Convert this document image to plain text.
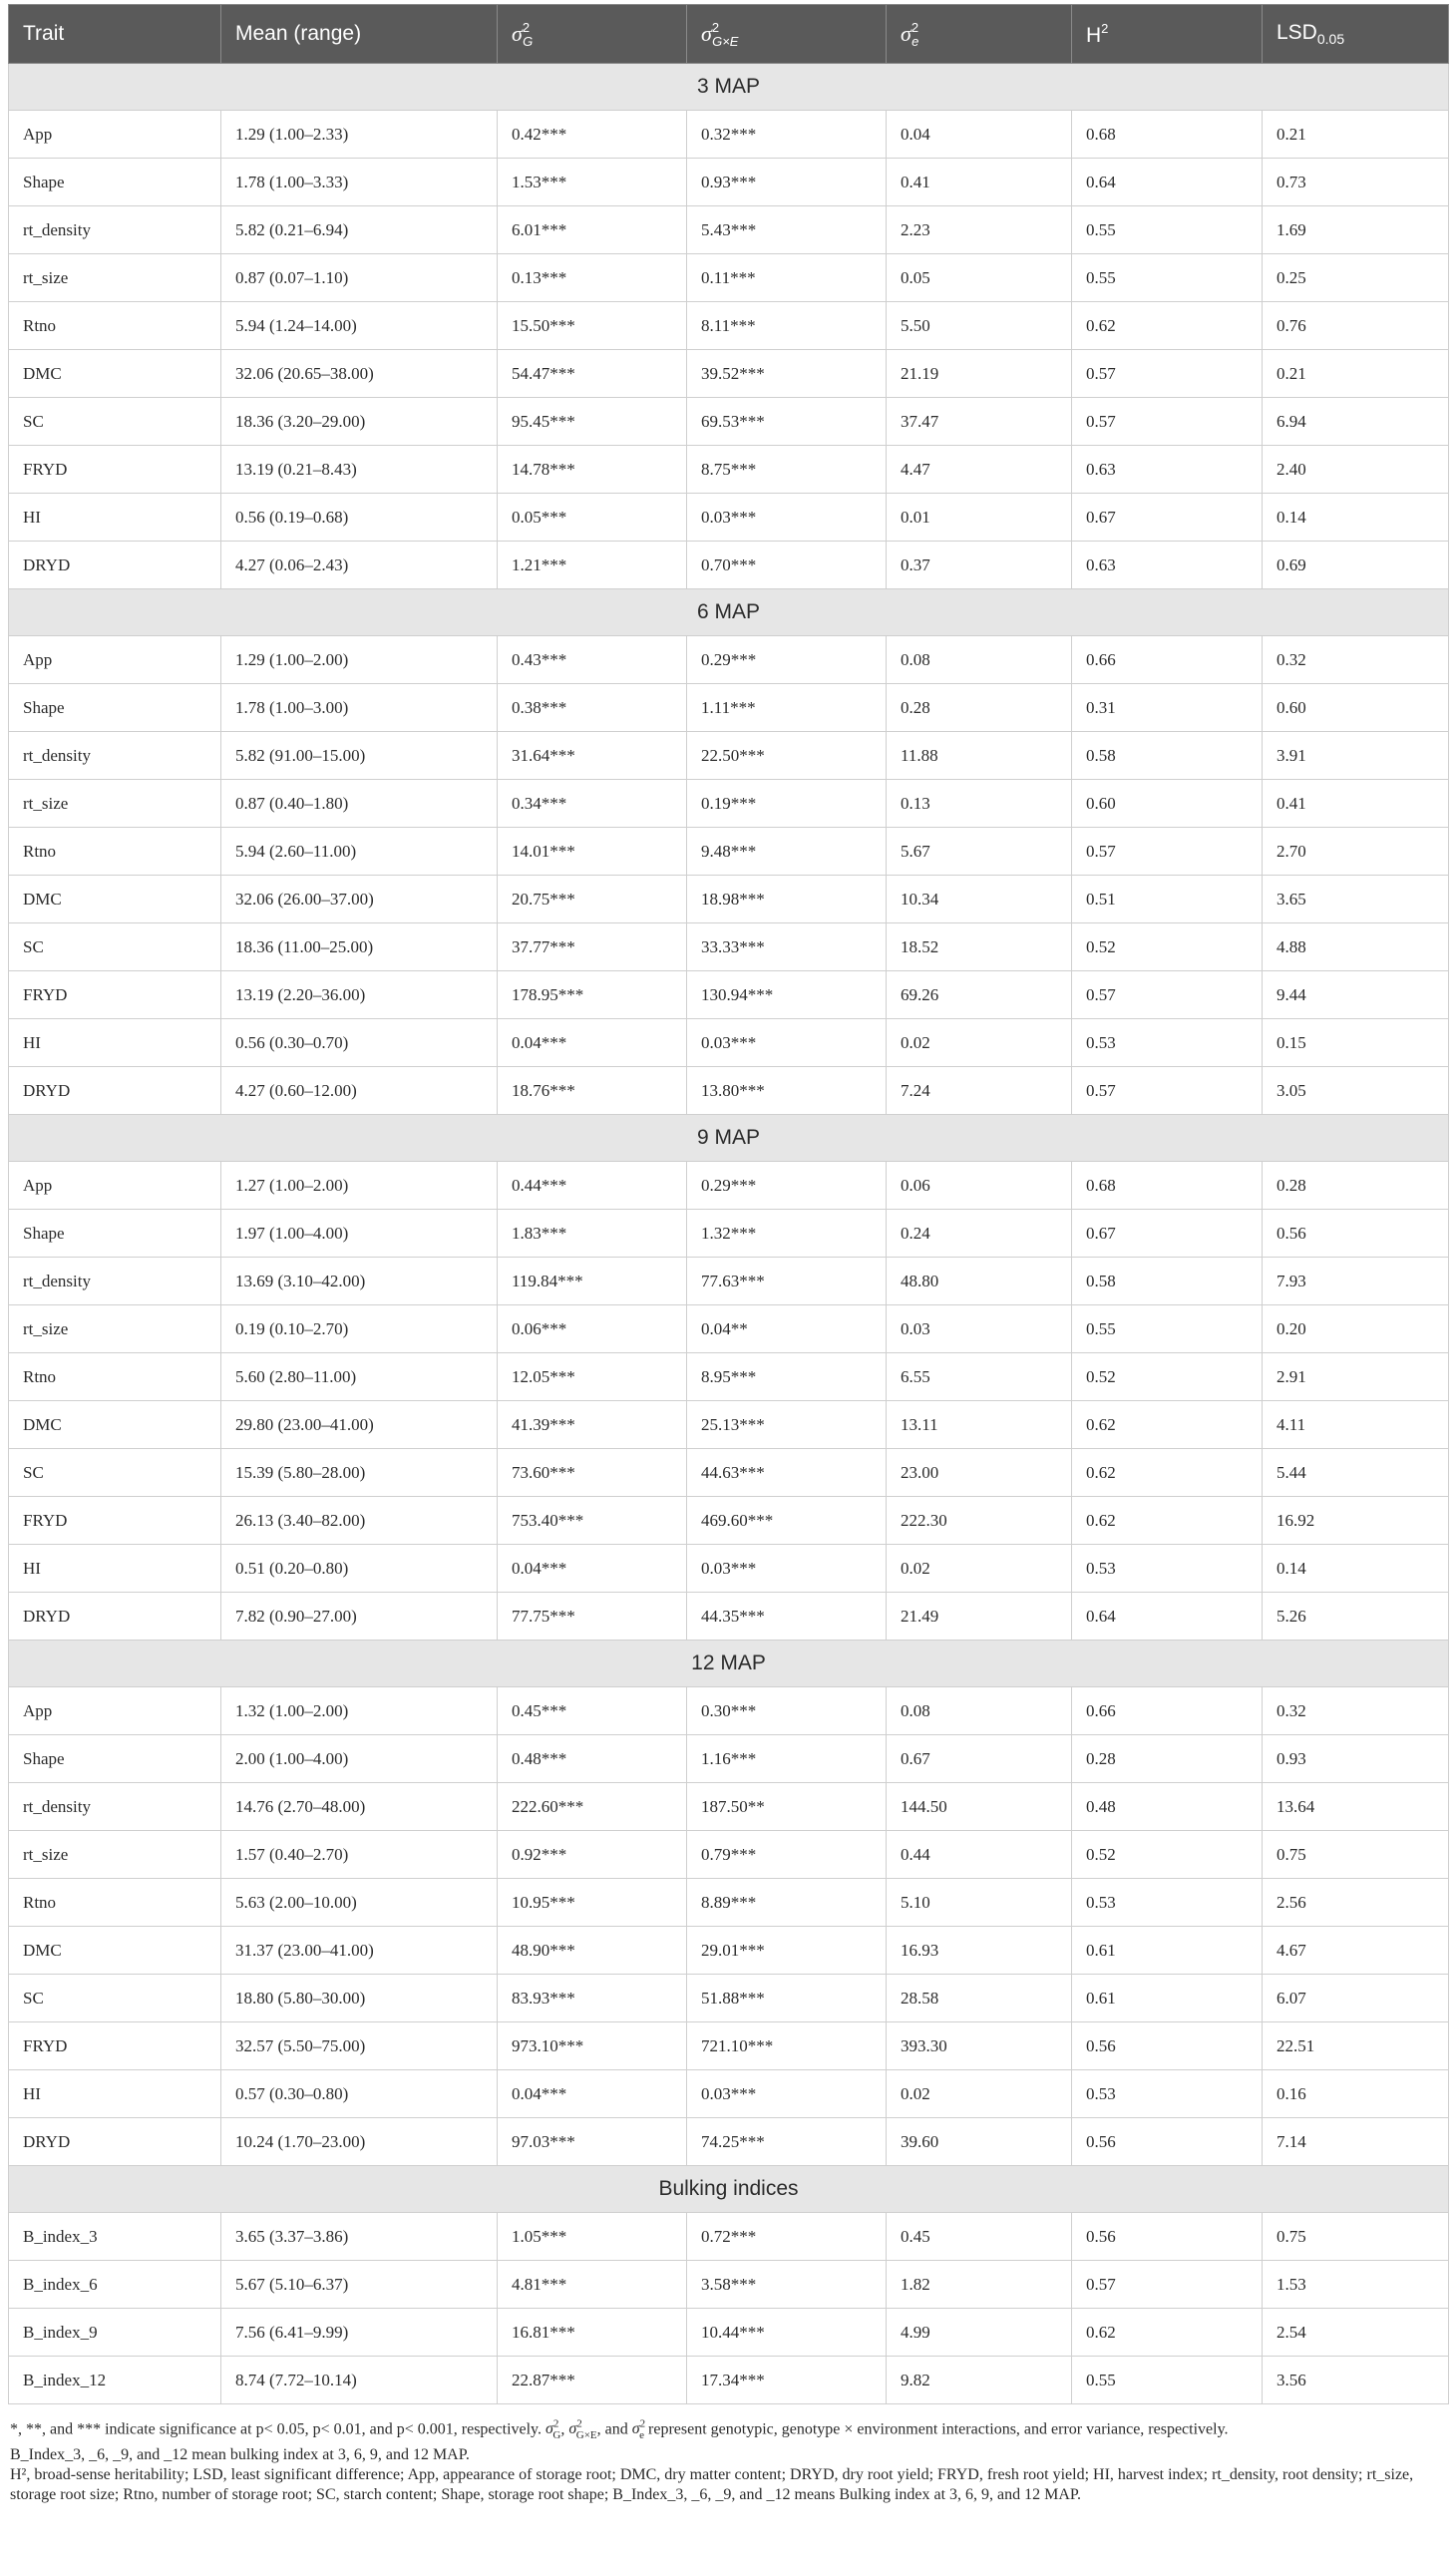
Trait	Mean (range)	$\sigma^2_G$	$\sigma^2_{G\times E}$	$\sigma^2_e$	$H^2$	$LSD_{0.05}$
3 MAP						
App	1.29 (1.00–2.33)	0.42***	0.32***	0.04	0.68	0.21
Shape	1.78 (1.00–3.33)	1.53***	0.93***	0.41	0.64	0.73
rt_density	5.82 (0.21–6.94)	6.01***	5.43***	2.23	0.55	1.69
rt_size	0.87 (0.07–1.10)	0.13***	0.11***	0.05	0.55	0.25
Rtno	5.94 (1.24–14.00)	15.50***	8.11***	5.50	0.62	0.76
DMC	32.06 (20.65–38.00)	54.47***	39.52***	21.19	0.57	0.21
SC	18.36 (3.20–29.00)	95.45***	69.53***	37.47	0.57	6.94
FRYD	13.19 (0.21–8.43)	14.78***	8.75***	4.47	0.63	2.40
HI	0.56 (0.19–0.68)	0.05***	0.03***	0.01	0.67	0.14
DRYD	4.27 (0.06–2.43)	1.21***	0.70***	0.37	0.63	0.69
6 MAP						
App	1.29 (1.00–2.00)	0.43***	0.29***	0.08	0.66	0.32
Shape	1.78 (1.00–3.00)	0.38***	1.11***	0.28	0.31	0.60
rt_density	5.82 (91.00–15.00)	31.64***	22.50***	11.88	0.58	3.91
rt_size	0.87 (0.40–1.80)	0.34***	0.19***	0.13	0.60	0.41
Rtno	5.94 (2.60–11.00)	14.01***	9.48***	5.67	0.57	2.70
DMC	32.06 (26.00–37.00)	20.75***	18.98***	10.34	0.51	3.65
SC	18.36 (11.00–25.00)	37.77***	33.33***	18.52	0.52	4.88
FRYD	13.19 (2.20–36.00)	178.95***	130.94***	69.26	0.57	9.44
HI	0.56 (0.30–0.70)	0.04***	0.03***	0.02	0.53	0.15
DRYD	4.27 (0.60–12.00)	18.76***	13.80***	7.24	0.57	3.05
9 MAP						
App	1.27 (1.00–2.00)	0.44***	0.29***	0.06	0.68	0.28
Shape	1.97 (1.00–4.00)	1.83***	1.32***	0.24	0.67	0.56
rt_density	13.69 (3.10–42.00)	119.84***	77.63***	48.80	0.58	7.93
rt_size	0.19 (0.10–2.70)	0.06***	0.04**	0.03	0.55	0.20
Rtno	5.60 (2.80–11.00)	12.05***	8.95***	6.55	0.52	2.91
DMC	29.80 (23.00–41.00)	41.39***	25.13***	13.11	0.62	4.11
SC	15.39 (5.80–28.00)	73.60***	44.63***	23.00	0.62	5.44
FRYD	26.13 (3.40–82.00)	753.40***	469.60***	222.30	0.62	16.92
HI	0.51 (0.20–0.80)	0.04***	0.03***	0.02	0.53	0.14
DRYD	7.82 (0.90–27.00)	77.75***	44.35***	21.49	0.64	5.26
12 MAP						
App	1.32 (1.00–2.00)	0.45***	0.30***	0.08	0.66	0.32
Shape	2.00 (1.00–4.00)	0.48***	1.16***	0.67	0.28	0.93
rt_density	14.76 (2.70–48.00)	222.60***	187.50**	144.50	0.48	13.64
rt_size	1.57 (0.40–2.70)	0.92***	0.79***	0.44	0.52	0.75
Rtno	5.63 (2.00–10.00)	10.95***	8.89***	5.10	0.53	2.56
DMC	31.37 (23.00–41.00)	48.90***	29.01***	16.93	0.61	4.67
SC	18.80 (5.80–30.00)	83.93***	51.88***	28.58	0.61	6.07
FRYD	32.57 (5.50–75.00)	973.10***	721.10***	393.30	0.56	22.51
HI	0.57 (0.30–0.80)	0.04***	0.03***	0.02	0.53	0.16
DRYD	10.24 (1.70–23.00)	97.03***	74.25***	39.60	0.56	7.14
Bulking indices						
B_index_3	3.65 (3.37–3.86)	1.05***	0.72***	0.45	0.56	0.75
B_index_6	5.67 (5.10–6.37)	4.81***	3.58***	1.82	0.57	1.53
B_index_9	7.56 (6.41–9.99)	16.81***	10.44***	4.99	0.62	2.54
B_index_12	8.74 (7.72–10.14)	22.87***	17.34***	9.82	0.55	3.56

*, **, and *** indicate significance at p< 0.05, p< 0.01, and p< 0.001, respectively. $\sigma^2_G$, $\sigma^2_{G\times E}$, and $\sigma^2_e$ represent genotypic, genotype × environment interactions, and error variance, respectively.

B_Index_3, _6, _9, and _12 mean bulking index at 3, 6, 9, and 12 MAP.

H², broad-sense heritability; LSD, least significant difference; App, appearance of storage root; DMC, dry matter content; DRYD, dry root yield; FRYD, fresh root yield; HI, harvest index; rt_density, root density; rt_size, storage root size; Rtno, number of storage root; SC, starch content; Shape, storage root shape; B_Index_3, _6, _9, and _12 means Bulking index at 3, 6, 9, and 12 MAP.
